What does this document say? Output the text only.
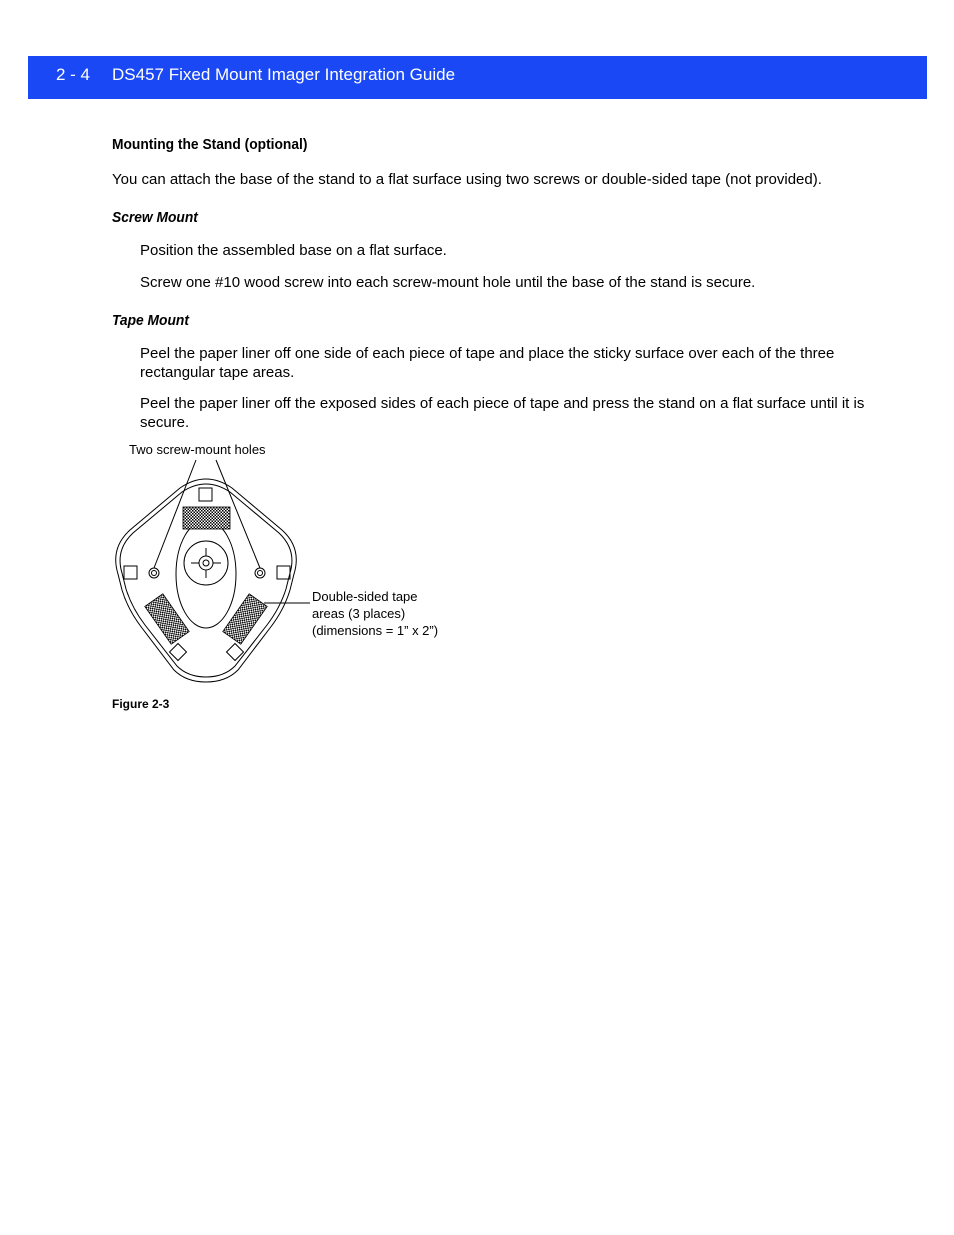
2 - 4 DS457 Fixed Mount Imager Integration Guide
Mounting the Stand (optional)
You can attach the base of the stand to a flat surface using two screws or double-sided tape (not provided).
Screw Mount
Position the assembled base on a flat surface.
Screw one #10 wood screw into each screw-mount hole until the base of the stand is secure.
Tape Mount
Peel the paper liner off one side of each piece of tape and place the sticky surface over each of the three rectangular tape areas.
Peel the paper liner off the exposed sides of each piece of tape and press the stand on a flat surface until it is secure.
Two screw-mount holes
Double-sided tape
areas (3 places)
(dimensions = 1” x 2”)
Figure 2-3
